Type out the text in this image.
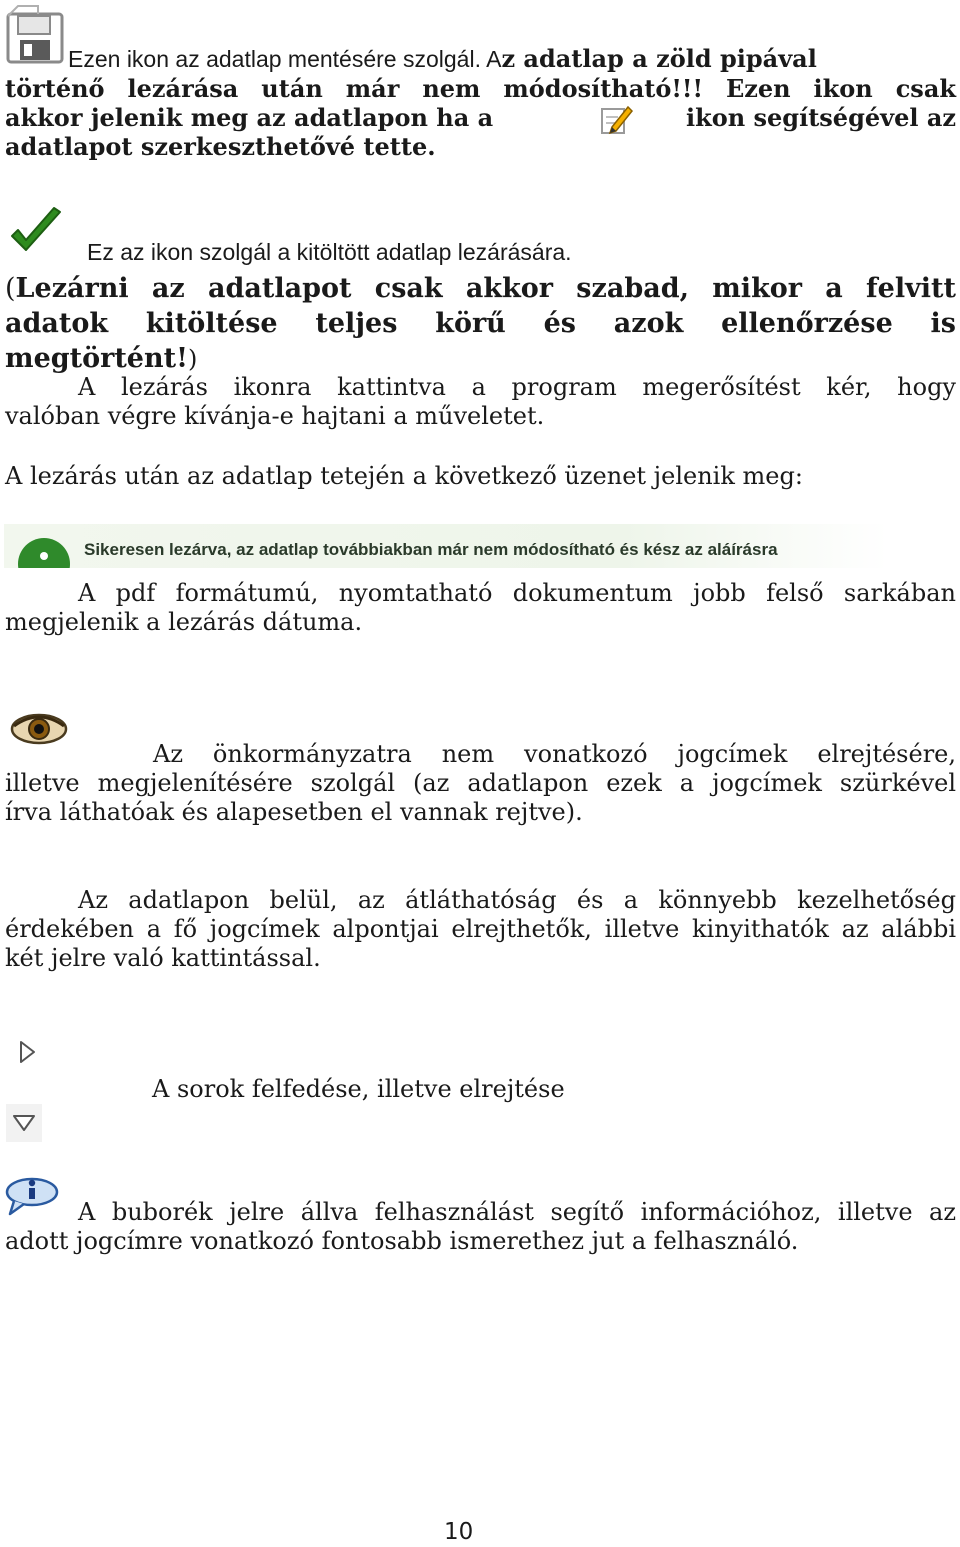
Ezen ikon az adatlap mentésére szolgál. Az adatlap a zöld pipával
történő lezárása után már nem módosítható!!! Ezen ikon csak
akkor jelenik meg az adatlapon ha a	ikon segítségével az
adatlapot szerkeszthetővé tette.
Ez az ikon szolgál a kitöltött adatlap lezárására.
(Lezárni az adatlapot csak akkor szabad, mikor a felvitt
adatok kitöltése teljes körű és azok ellenőrzése is
megtörtént!)
A lezárás ikonra kattintva a program megerősítést kér, hogy
valóban végre kívánja-e hajtani a műveletet.
A lezárás után az adatlap tetején a következő üzenet jelenik meg:
Sikeresen lezárva, az adatlap továbbiakban már nem módosítható és kész az aláírásra
A pdf formátumú, nyomtatható dokumentum jobb felső sarkában
megjelenik a lezárás dátuma.
Az önkormányzatra nem vonatkozó jogcímek elrejtésére,
illetve megjelenítésére szolgál (az adatlapon ezek a jogcímek szürkével
írva láthatóak és alapesetben el vannak rejtve).
Az adatlapon belül, az átláthatóság és a könnyebb kezelhetőség
érdekében a fő jogcímek alpontjai elrejthetők, illetve kinyithatók az alábbi
két jelre való kattintással.
A sorok felfedése, illetve elrejtése
A buborék jelre állva felhasználást segítő információhoz, illetve az
adott jogcímre vonatkozó fontosabb ismerethez jut a felhasználó.
10
